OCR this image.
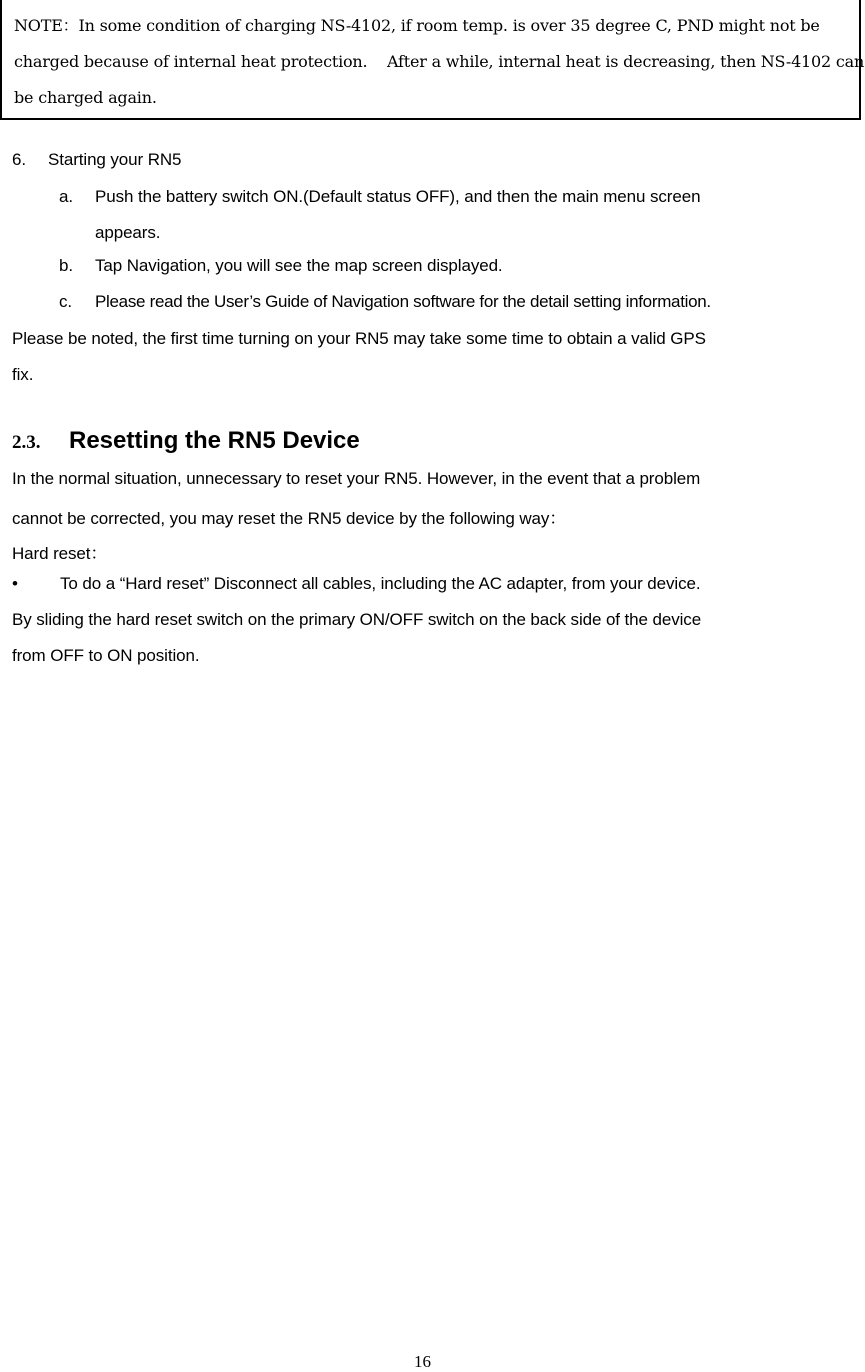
NOTE：In some condition of charging NS-4102, if room temp. is over 35 degree C, PND might not be
charged because of internal heat protection.    After a while, internal heat is decreasing, then NS-4102 can
be charged again.
6. Starting your RN5
a. Push the battery switch ON.(Default status OFF), and then the main menu screen
appears.
b. Tap Navigation, you will see the map screen displayed.
c. Please read the User’s Guide of Navigation software for the detail setting information.
Please be noted, the first time turning on your RN5 may take some time to obtain a valid GPS
fix.
2.3. Resetting the RN5 Device
In the normal situation, unnecessary to reset your RN5. However, in the event that a problem
cannot be corrected, you may reset the RN5 device by the following way：
Hard reset：
• To do a “Hard reset” Disconnect all cables, including the AC adapter, from your device.
By sliding the hard reset switch on the primary ON/OFF switch on the back side of the device
from OFF to ON position.
16
